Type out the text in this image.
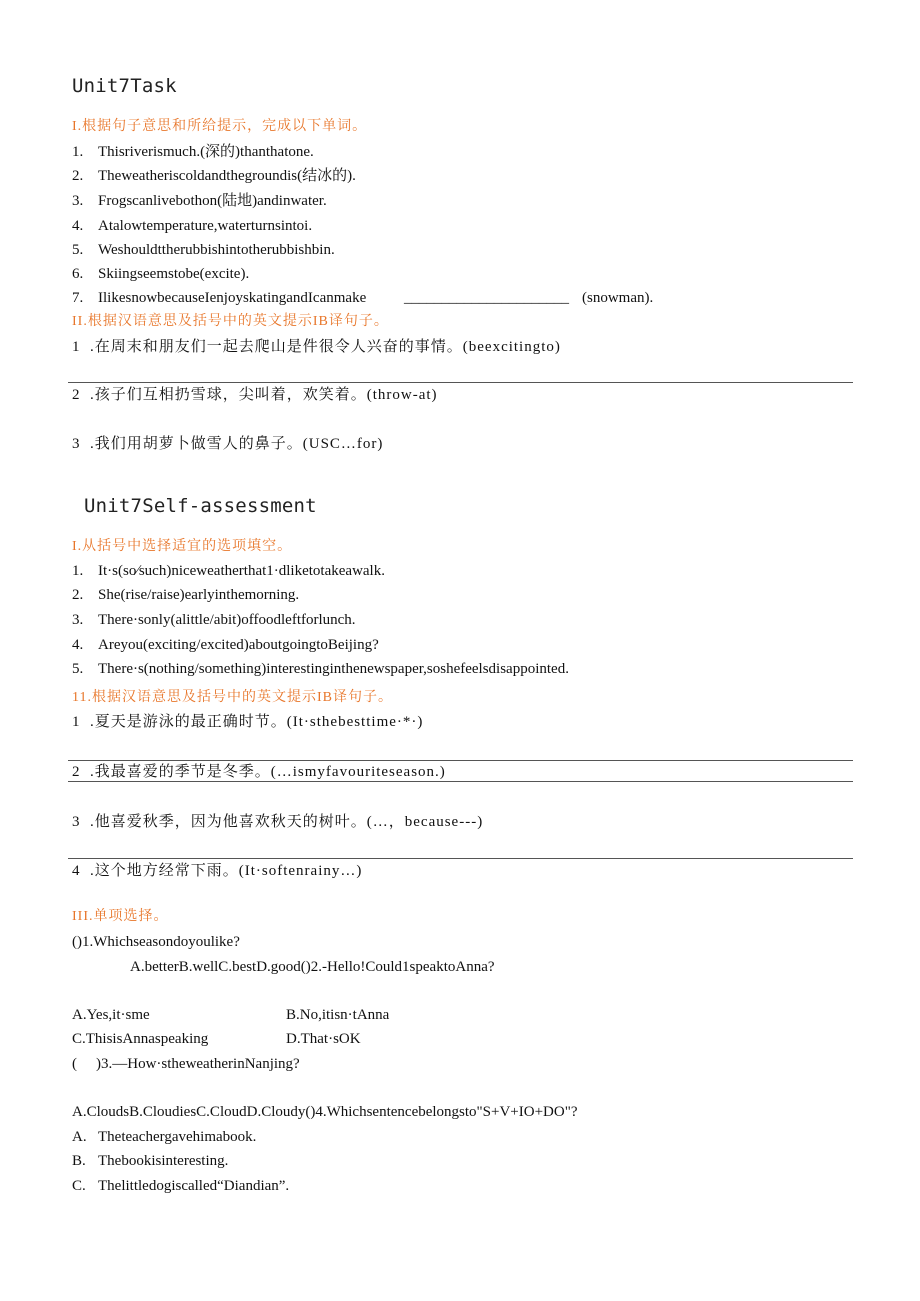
Unit7Task
I.根据句子意思和所给提示，完成以下单词。
1. Thisriverismuch.(深的)thanthatone.
2. Theweatheriscoldandthegroundis(结冰的).
3. Frogscanlivebothon(陆地)andinwater.
4. Atalowtemperature,waterturnsintoi.
5. Weshouldttherubbishintotherubbishbin.
6. Skiingseemstobe(excite).
7. IlikesnowbecauseIenjoyskatingandIcanmake	______________________ (snowman).
II.根据汉语意思及括号中的英文提示IB译句子。
1 .在周末和朋友们一起去爬山是件很令人兴奋的事情。(beexcitingto)
2 .孩子们互相扔雪球，尖叫着，欢笑着。(throw-at)
3 .我们用胡萝卜做雪人的鼻子。(USC…for)
Unit7Self-assessment
I.从括号中选择适宜的选项填空。
1. It·s(so∕such)niceweatherthat1·dliketotakeawalk.
2. She(rise/raise)earlyinthemorning.
3. There·sonly(alittle/abit)offoodleftforlunch.
4. Areyou(exciting/excited)aboutgoingtoBeijing?
5. There·s(nothing/something)interestinginthenewspaper,soshefeelsdisappointed.
11.根据汉语意思及括号中的英文提示IB译句子。
1 .夏天是游泳的最正确时节。(It·sthebesttime·*·)
2 .我最喜爱的季节是冬季。(…ismyfavouriteseason.)
3 .他喜爱秋季，因为他喜欢秋天的树叶。(…，because---)
4 .这个地方经常下雨。(It·softenrainy…)
III.单项选择。
()1.Whichseasondoyoulike?
A.betterB.wellC.bestD.good()2.-Hello!Could1speaktoAnna?
A.Yes,it·sme	B.No,itisn·tAnna
C.ThisisAnnaspeaking	D.That·sOK
( )3.—How·stheweatherinNanjing?
A.CloudsB.CloudiesC.CloudD.Cloudy()4.Whichsentencebelongsto"S+V+IO+DO"?
A. Theteachergavehimabook.
B. Thebookisinteresting.
C. Thelittledogiscalled“Diandian”.
